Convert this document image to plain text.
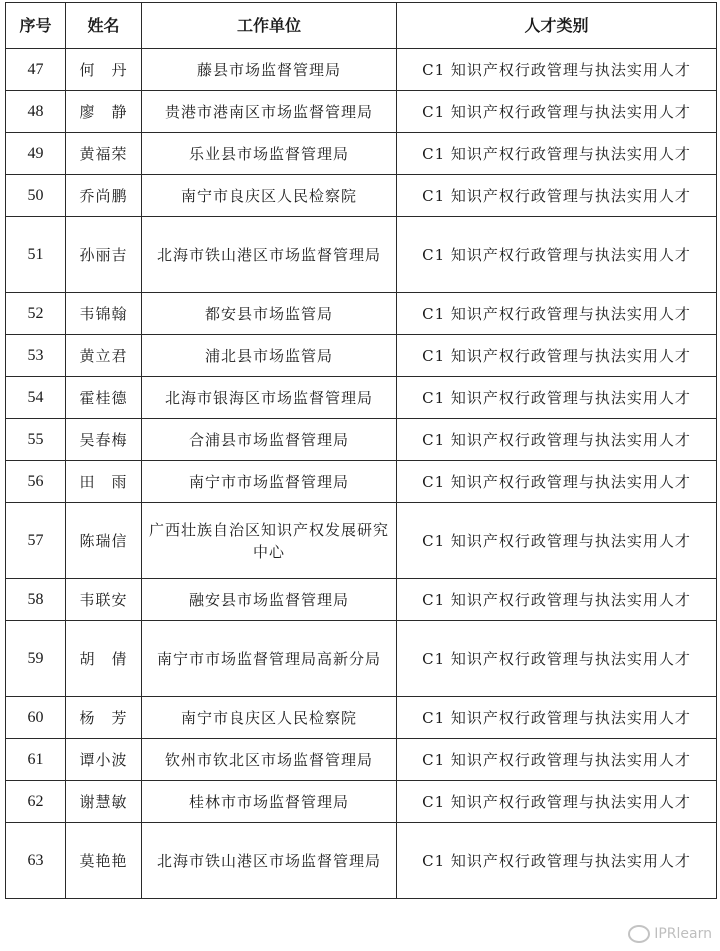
序号	姓名	工作单位	人才类别
47	何　丹	藤县市场监督管理局	C1 知识产权行政管理与执法实用人才
48	廖　静	贵港市港南区市场监督管理局	C1 知识产权行政管理与执法实用人才
49	黄福荣	乐业县市场监督管理局	C1 知识产权行政管理与执法实用人才
50	乔尚鹏	南宁市良庆区人民检察院	C1 知识产权行政管理与执法实用人才
51	孙丽吉	北海市铁山港区市场监督管理局	C1 知识产权行政管理与执法实用人才
52	韦锦翰	都安县市场监管局	C1 知识产权行政管理与执法实用人才
53	黄立君	浦北县市场监管局	C1 知识产权行政管理与执法实用人才
54	霍桂德	北海市银海区市场监督管理局	C1 知识产权行政管理与执法实用人才
55	吴春梅	合浦县市场监督管理局	C1 知识产权行政管理与执法实用人才
56	田　雨	南宁市市场监督管理局	C1 知识产权行政管理与执法实用人才
57	陈瑞信	广西壮族自治区知识产权发展研究中心	C1 知识产权行政管理与执法实用人才
58	韦联安	融安县市场监督管理局	C1 知识产权行政管理与执法实用人才
59	胡　倩	南宁市市场监督管理局高新分局	C1 知识产权行政管理与执法实用人才
60	杨　芳	南宁市良庆区人民检察院	C1 知识产权行政管理与执法实用人才
61	谭小波	钦州市钦北区市场监督管理局	C1 知识产权行政管理与执法实用人才
62	谢慧敏	桂林市市场监督管理局	C1 知识产权行政管理与执法实用人才
63	莫艳艳	北海市铁山港区市场监督管理局	C1 知识产权行政管理与执法实用人才
IPRlearn
